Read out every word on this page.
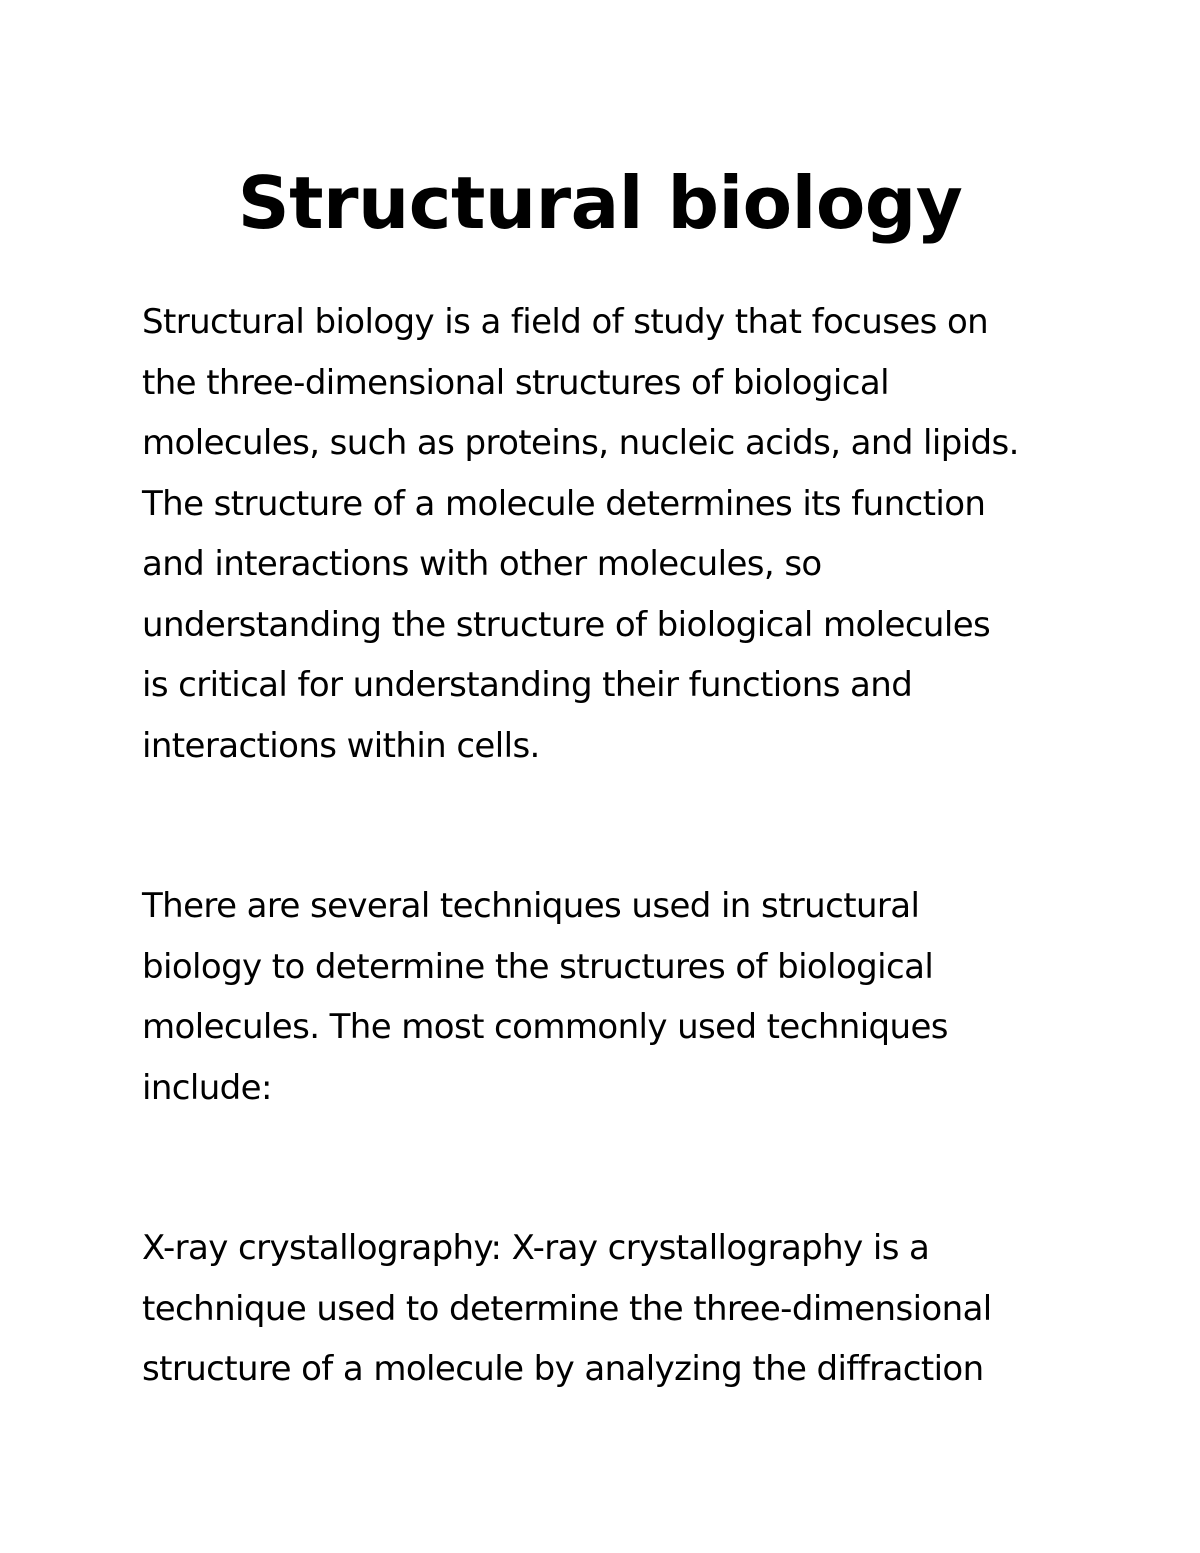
Structural biology

Structural biology is a field of study that focuses on
the three-dimensional structures of biological
molecules, such as proteins, nucleic acids, and lipids.
The structure of a molecule determines its function
and interactions with other molecules, so
understanding the structure of biological molecules
is critical for understanding their functions and
interactions within cells.

There are several techniques used in structural
biology to determine the structures of biological
molecules. The most commonly used techniques
include:

X-ray crystallography: X-ray crystallography is a
technique used to determine the three-dimensional
structure of a molecule by analyzing the diffraction
